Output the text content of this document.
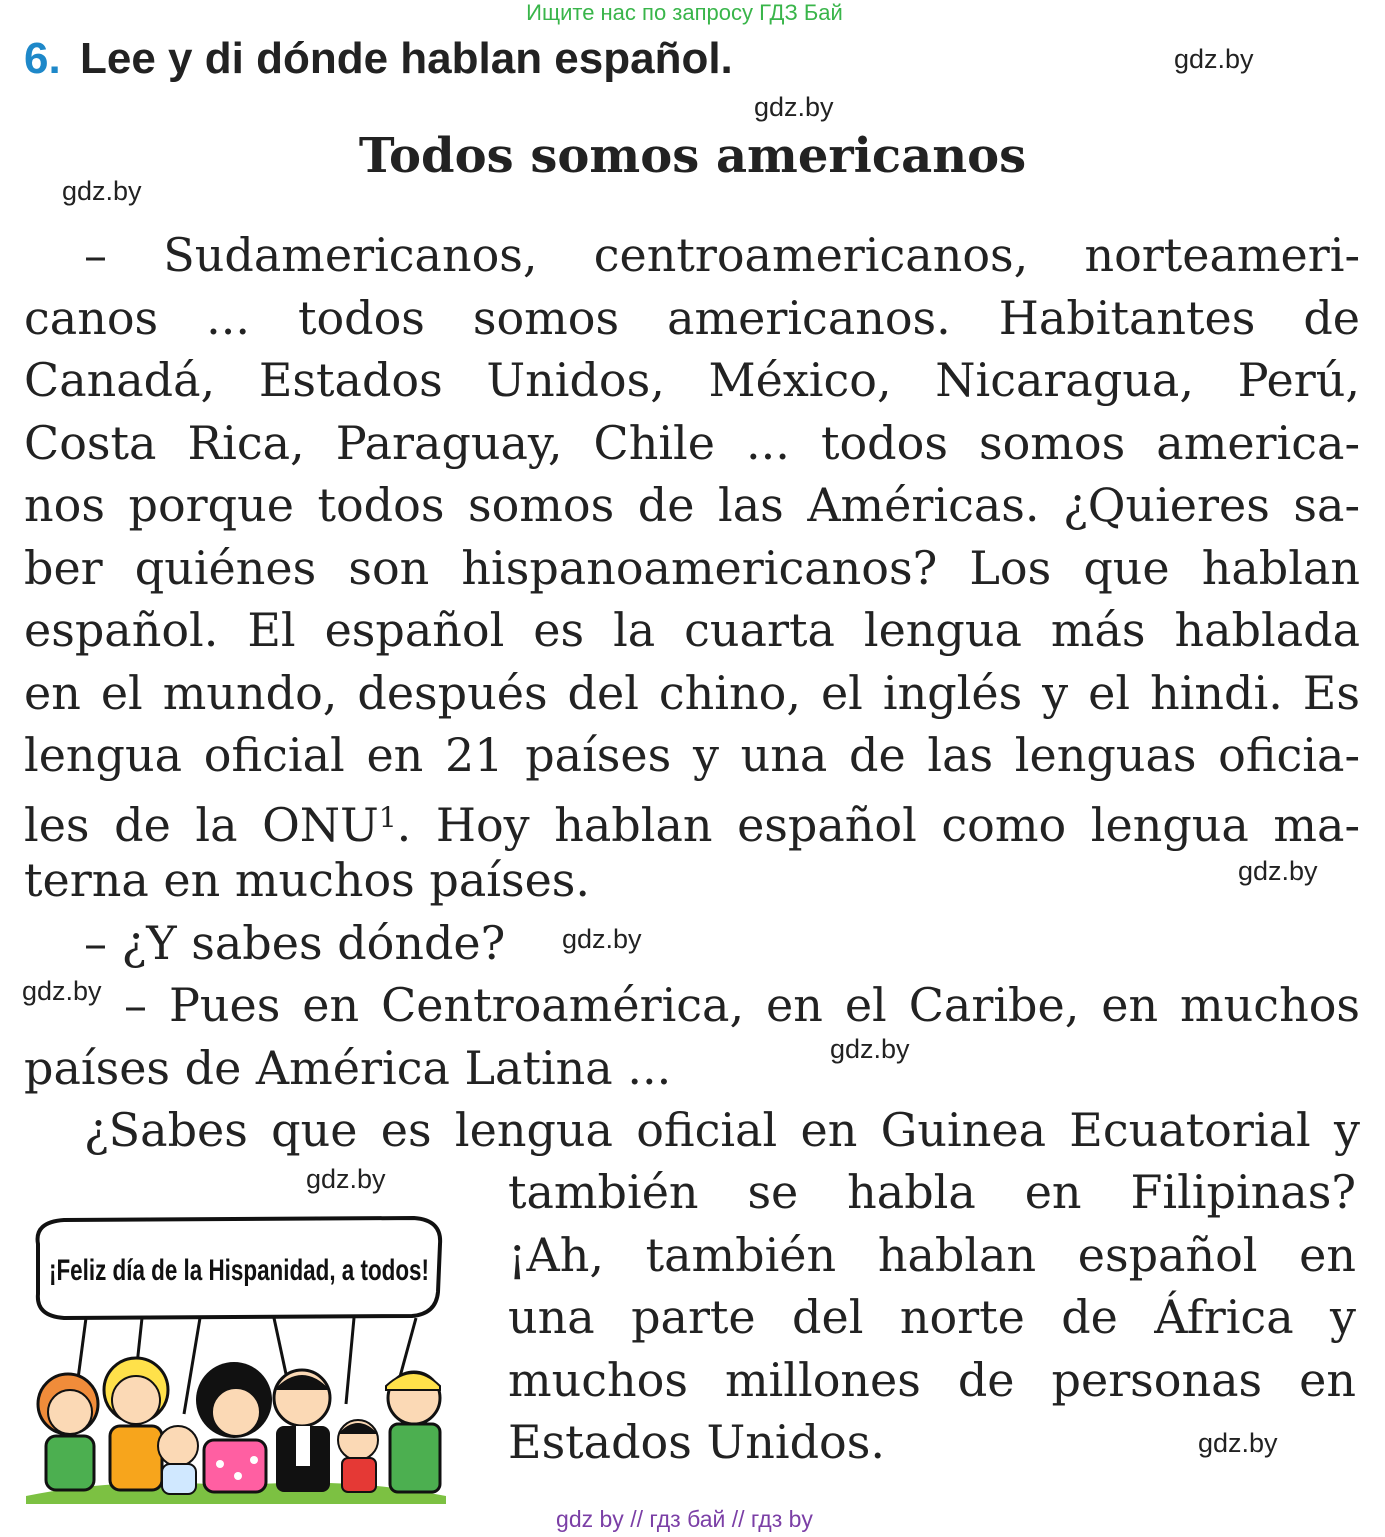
Ищите нас по запросу ГДЗ Бай
6. Lee y di dónde hablan español.	gdz.by
gdz.by
gdz.by
Todos somos americanos
– Sudamericanos, centroamericanos, norteameri-
canos ... todos somos americanos. Habitantes de
Canadá, Estados Unidos, México, Nicaragua, Perú,
Costa Rica, Paraguay, Chile ... todos somos america-
nos porque todos somos de las Américas. ¿Quieres sa-
ber quiénes son hispanoamericanos? Los que hablan
español. El español es la cuarta lengua más hablada
en el mundo, después del chino, el inglés y el hindi. Es
lengua oficial en 21 países y una de las lenguas oficia-
les de la ONU$^1$. Hoy hablan español como lengua ma-
terna en muchos países.
– ¿Y sabes dónde?
– Pues en Centroamérica, en el Caribe, en muchos
países de América Latina ...
¿Sabes que es lengua oficial en Guinea Ecuatorial y
también se habla en Filipinas?
¡Ah, también hablan español en
una parte del norte de África y
muchos millones de personas en
Estados Unidos.
gdz.by
gdz.by
gdz.by
gdz.by
gdz.by
gdz.by
¡Feliz día de la Hispanidad, a todos!
gdz by // гдз бай // гдз by
